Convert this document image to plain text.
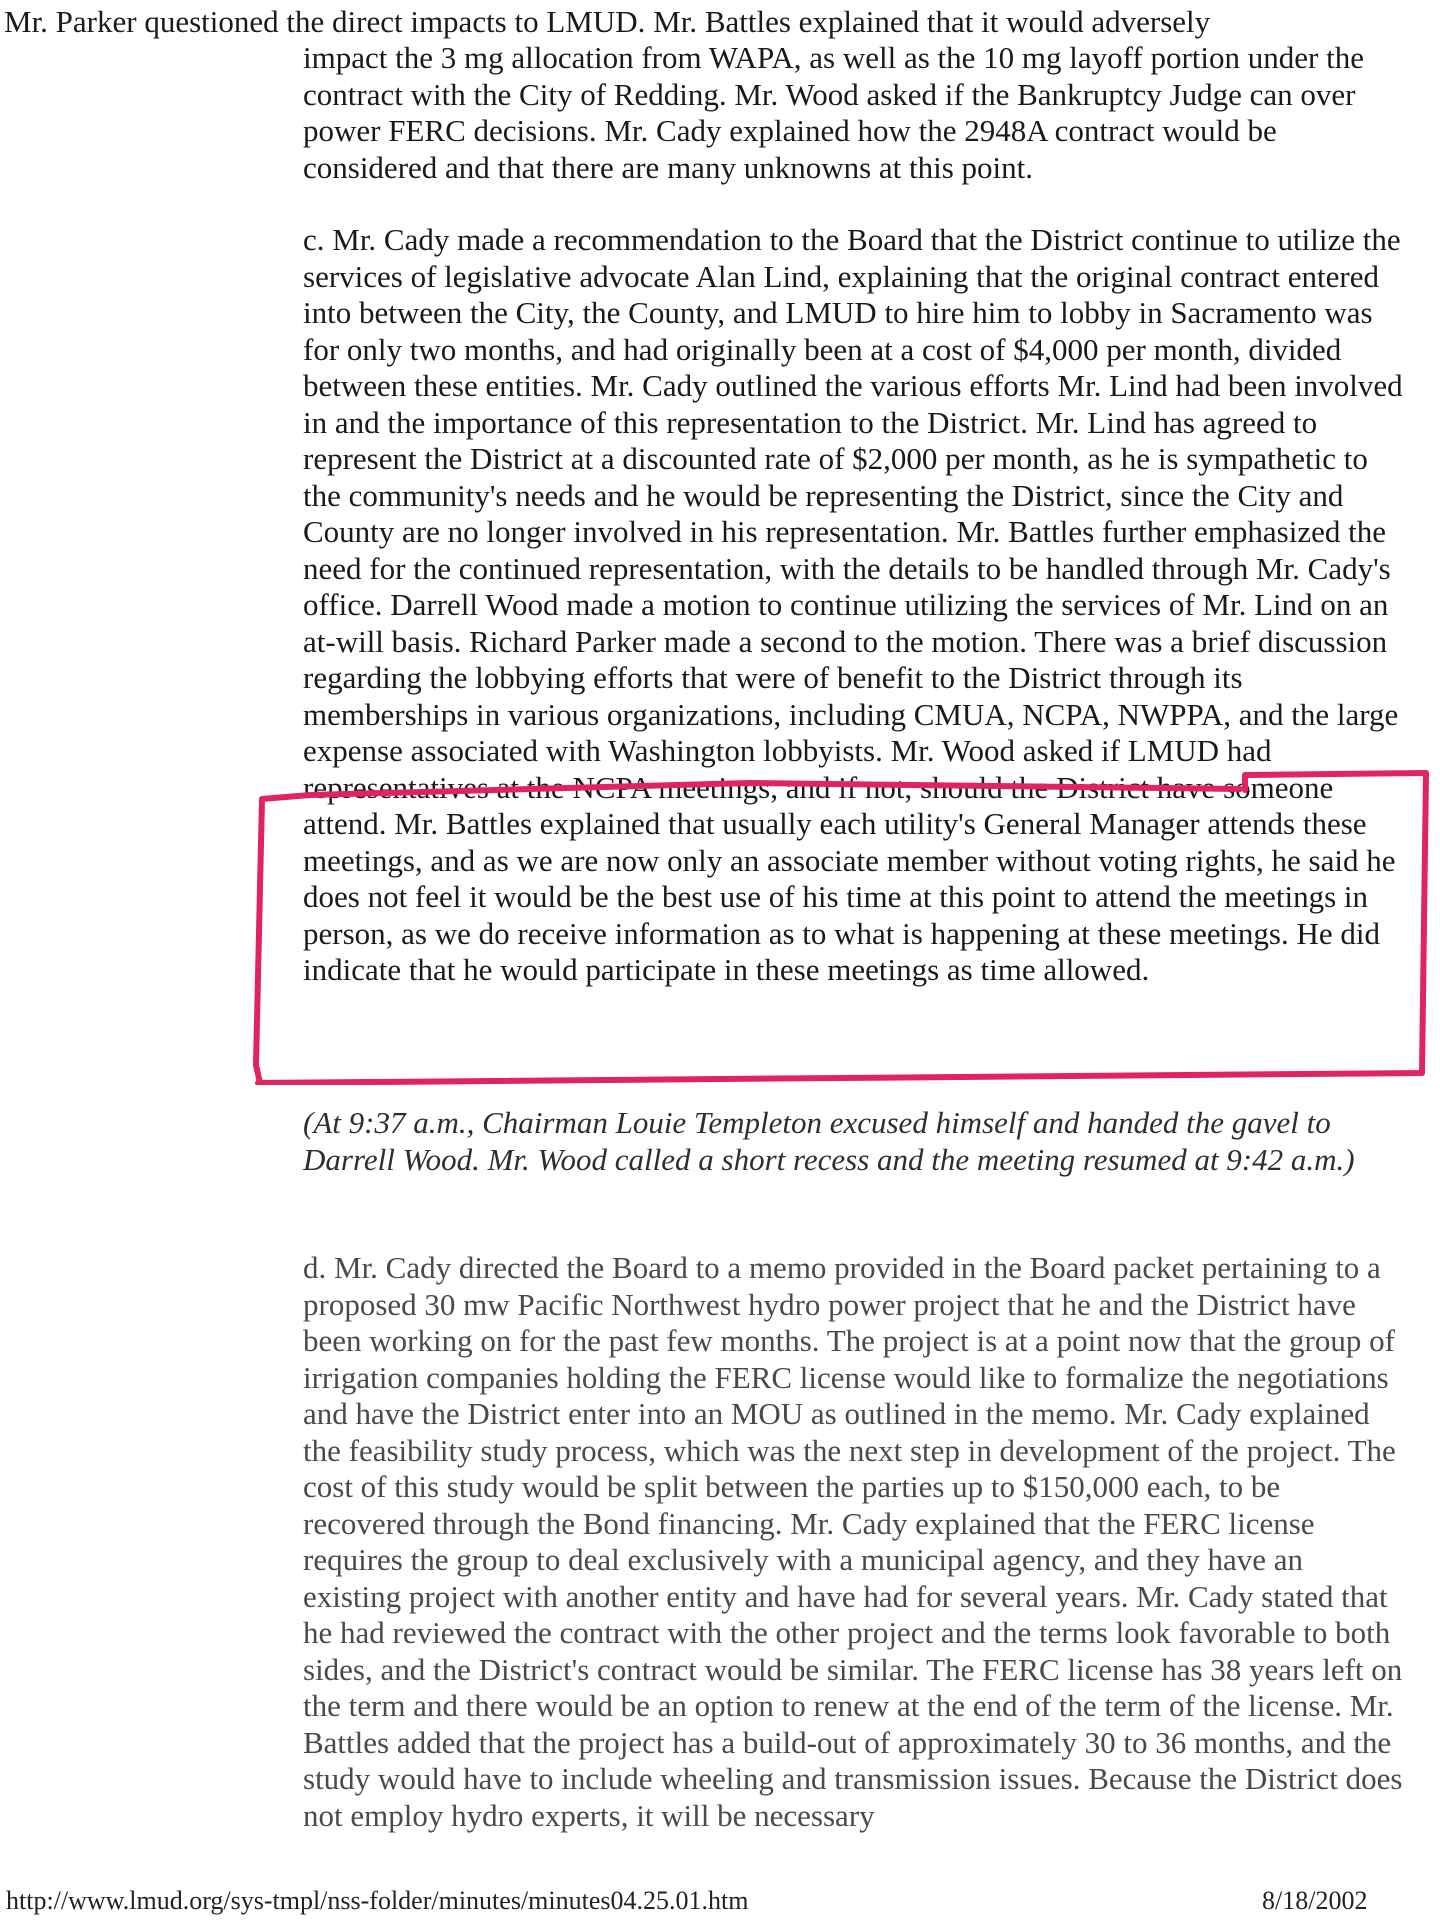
Mr. Parker questioned the direct impacts to LMUD. Mr. Battles explained that it would adversely
impact the 3 mg allocation from WAPA, as well as the 10 mg layoff portion under the contract with the City of Redding. Mr. Wood asked if the Bankruptcy Judge can over power FERC decisions. Mr. Cady explained how the 2948A contract would be considered and that there are many unknowns at this point.
c. Mr. Cady made a recommendation to the Board that the District continue to utilize the services of legislative advocate Alan Lind, explaining that the original contract entered into between the City, the County, and LMUD to hire him to lobby in Sacramento was for only two months, and had originally been at a cost of $4,000 per month, divided between these entities. Mr. Cady outlined the various efforts Mr. Lind had been involved in and the importance of this representation to the District. Mr. Lind has agreed to represent the District at a discounted rate of $2,000 per month, as he is sympathetic to the community's needs and he would be representing the District, since the City and County are no longer involved in his representation. Mr. Battles further emphasized the need for the continued representation, with the details to be handled through Mr. Cady's office. Darrell Wood made a motion to continue utilizing the services of Mr. Lind on an at-will basis. Richard Parker made a second to the motion. There was a brief discussion regarding the lobbying efforts that were of benefit to the District through its memberships in various organizations, including CMUA, NCPA, NWPPA, and the large expense associated with Washington lobbyists. Mr. Wood asked if LMUD had representatives at the NCPA meetings, and if not, should the District have someone attend. Mr. Battles explained that usually each utility's General Manager attends these meetings, and as we are now only an associate member without voting rights, he said he does not feel it would be the best use of his time at this point to attend the meetings in person, as we do receive information as to what is happening at these meetings. He did indicate that he would participate in these meetings as time allowed.
(At 9:37 a.m., Chairman Louie Templeton excused himself and handed the gavel to Darrell Wood. Mr. Wood called a short recess and the meeting resumed at 9:42 a.m.)
d. Mr. Cady directed the Board to a memo provided in the Board packet pertaining to a proposed 30 mw Pacific Northwest hydro power project that he and the District have been working on for the past few months. The project is at a point now that the group of irrigation companies holding the FERC license would like to formalize the negotiations and have the District enter into an MOU as outlined in the memo. Mr. Cady explained the feasibility study process, which was the next step in development of the project. The cost of this study would be split between the parties up to $150,000 each, to be recovered through the Bond financing. Mr. Cady explained that the FERC license requires the group to deal exclusively with a municipal agency, and they have an existing project with another entity and have had for several years. Mr. Cady stated that he had reviewed the contract with the other project and the terms look favorable to both sides, and the District's contract would be similar. The FERC license has 38 years left on the term and there would be an option to renew at the end of the term of the license. Mr. Battles added that the project has a build-out of approximately 30 to 36 months, and the study would have to include wheeling and transmission issues. Because the District does not employ hydro experts, it will be necessary
http://www.lmud.org/sys-tmpl/nss-folder/minutes/minutes04.25.01.htm	8/18/2002
